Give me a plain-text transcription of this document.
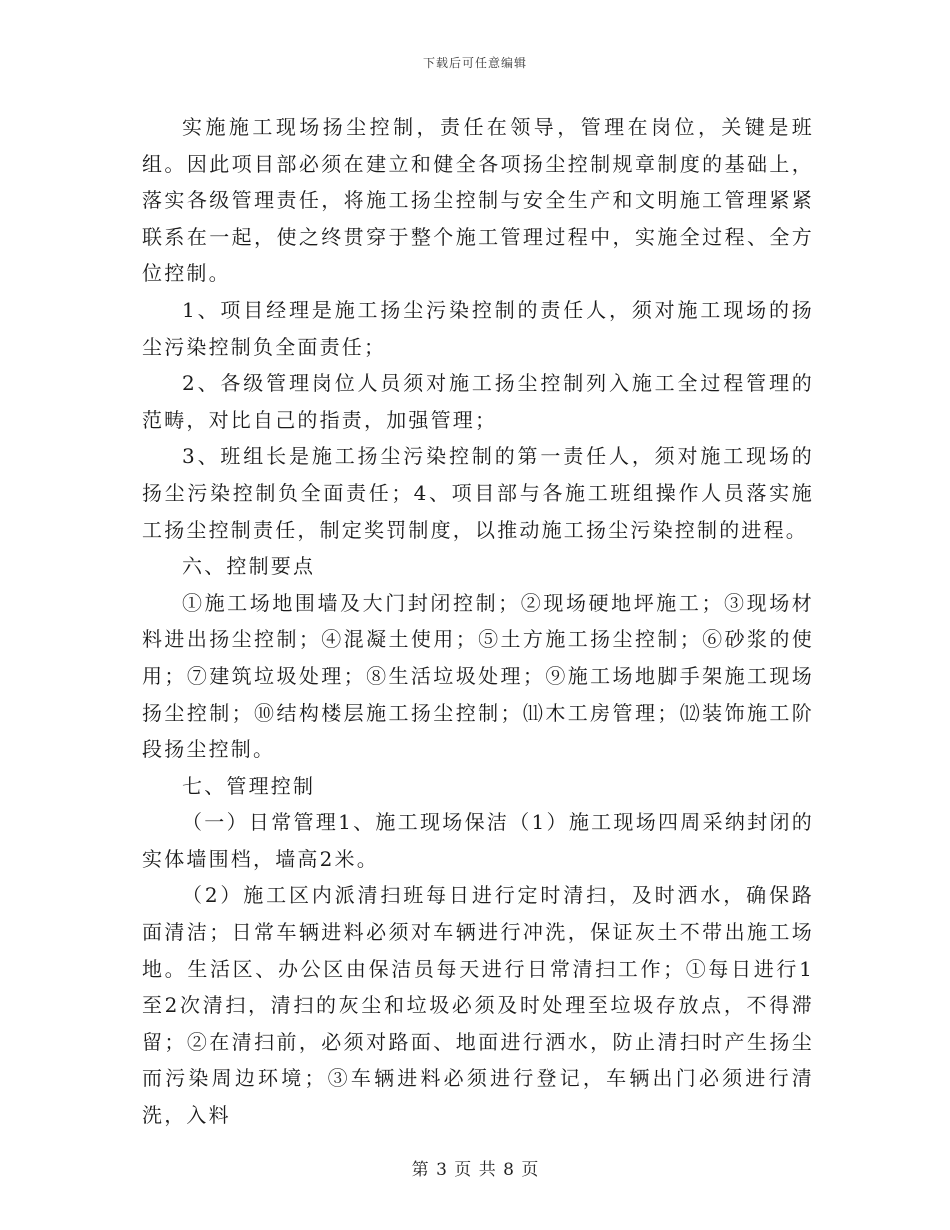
下载后可任意编辑

实施施工现场扬尘控制，责任在领导，管理在岗位，关键是班组。因此项目部必须在建立和健全各项扬尘控制规章制度的基础上，落实各级管理责任，将施工扬尘控制与安全生产和文明施工管理紧紧联系在一起，使之终贯穿于整个施工管理过程中，实施全过程、全方位控制。

1、项目经理是施工扬尘污染控制的责任人，须对施工现场的扬尘污染控制负全面责任；

2、各级管理岗位人员须对施工扬尘控制列入施工全过程管理的范畴，对比自己的指责，加强管理；

3、班组长是施工扬尘污染控制的第一责任人，须对施工现场的扬尘污染控制负全面责任；4、项目部与各施工班组操作人员落实施工扬尘控制责任，制定奖罚制度，以推动施工扬尘污染控制的进程。

六、控制要点

①施工场地围墙及大门封闭控制；②现场硬地坪施工；③现场材料进出扬尘控制；④混凝土使用；⑤土方施工扬尘控制；⑥砂浆的使用；⑦建筑垃圾处理；⑧生活垃圾处理；⑨施工场地脚手架施工现场扬尘控制；⑩结构楼层施工扬尘控制；⑾木工房管理；⑿装饰施工阶段扬尘控制。

七、管理控制

（一）日常管理1、施工现场保洁（1）施工现场四周采纳封闭的实体墙围档，墙高2米。

（2）施工区内派清扫班每日进行定时清扫，及时洒水，确保路面清洁；日常车辆进料必须对车辆进行冲洗，保证灰土不带出施工场地。生活区、办公区由保洁员每天进行日常清扫工作；①每日进行1至2次清扫，清扫的灰尘和垃圾必须及时处理至垃圾存放点，不得滞留；②在清扫前，必须对路面、地面进行洒水，防止清扫时产生扬尘而污染周边环境；③车辆进料必须进行登记，车辆出门必须进行清洗，入料

第 3 页 共 8 页
